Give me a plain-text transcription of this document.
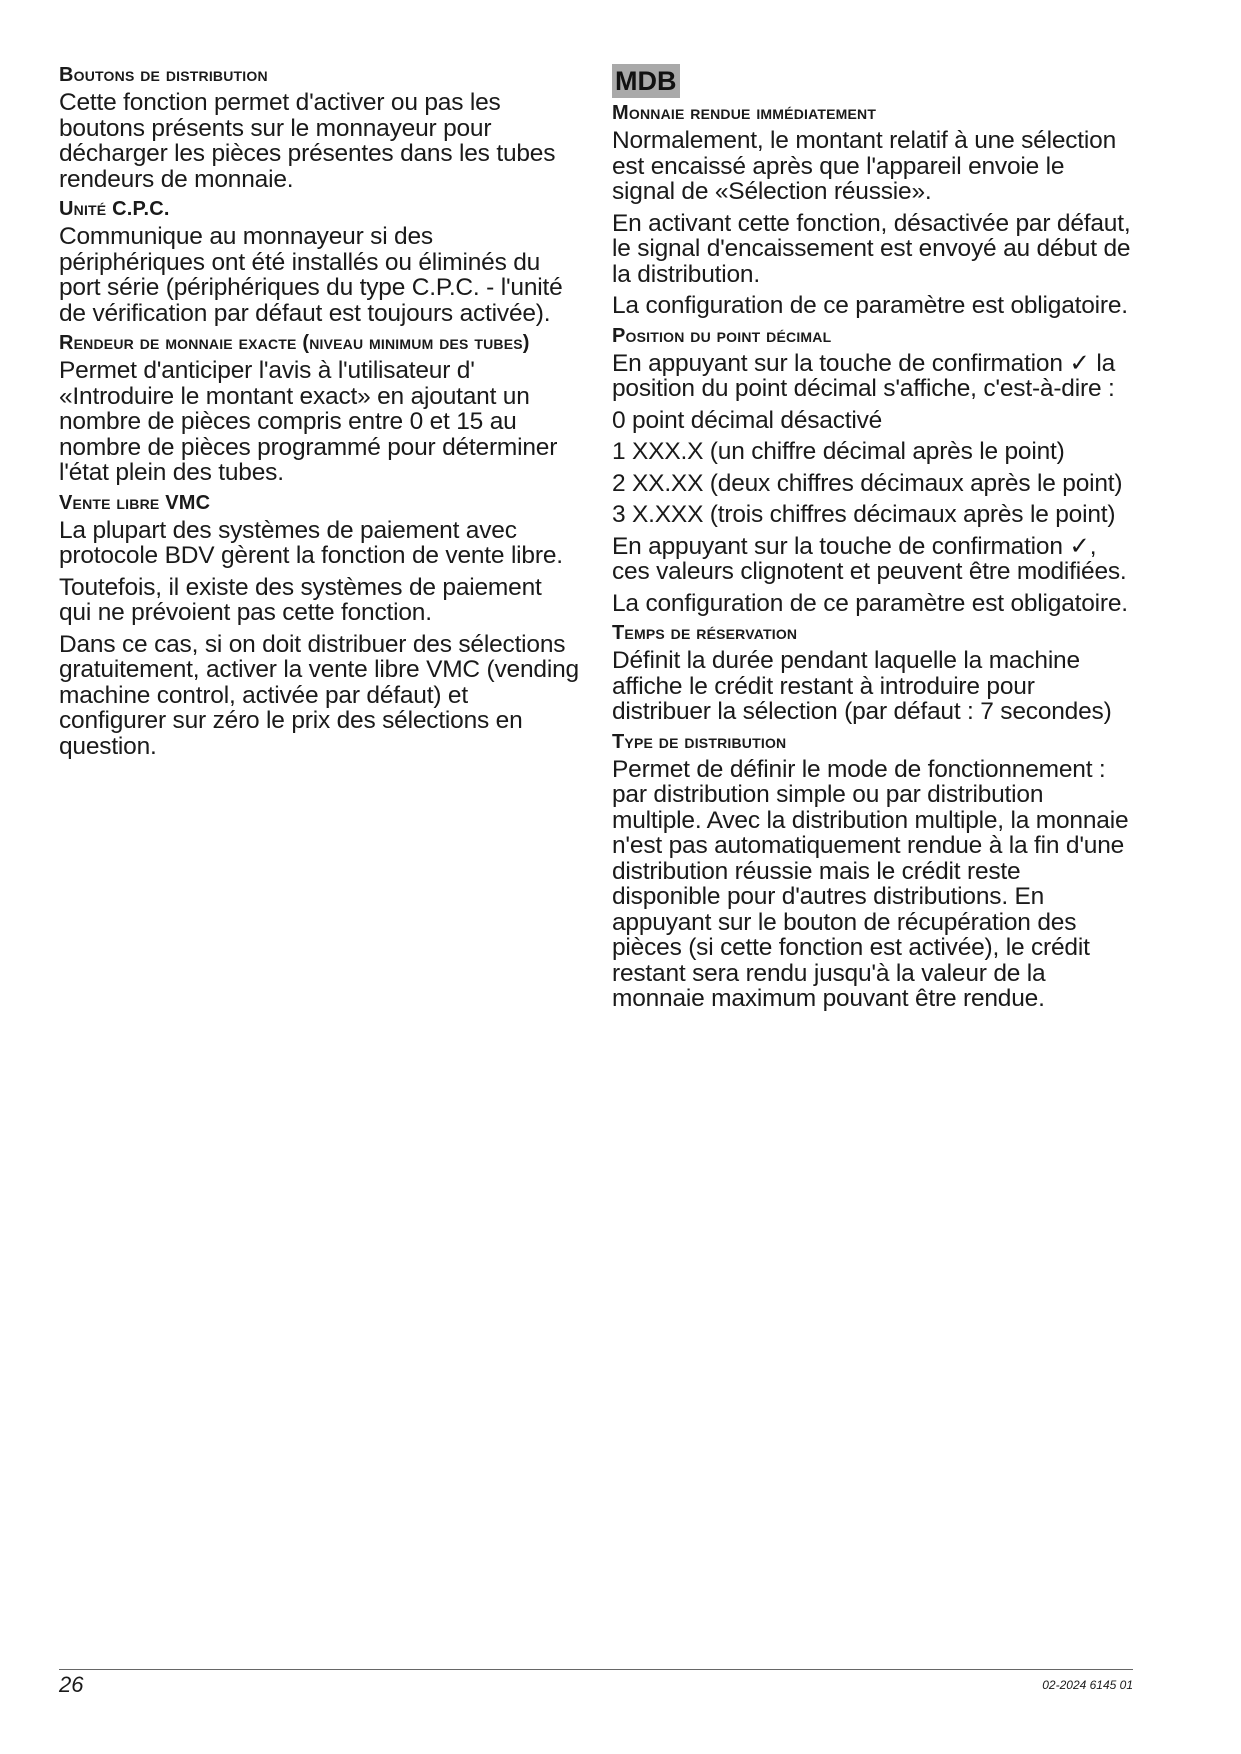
Boutons de distribution

Cette fonction permet d'activer ou pas les boutons présents sur le monnayeur pour décharger les pièces présentes dans les tubes rendeurs de monnaie.

Unité C.P.C.

Communique au monnayeur si des périphériques ont été installés ou éliminés du port série (périphériques du type C.P.C. - l'unité de vérification par défaut est toujours activée).

Rendeur de monnaie exacte (niveau minimum des tubes)

Permet d'anticiper l'avis à l'utilisateur d' «Introduire le montant exact» en ajoutant un nombre de pièces compris entre 0 et 15 au nombre de pièces programmé pour déterminer l'état plein des tubes.

Vente libre VMC

La plupart des systèmes de paiement avec protocole BDV gèrent la fonction de vente libre.

Toutefois, il existe des systèmes de paiement qui ne prévoient pas cette fonction.

Dans ce cas, si on doit distribuer des sélections gratuitement, activer la vente libre VMC (vending machine control, activée par défaut) et configurer sur zéro le prix des sélections en question.

MDB
Monnaie rendue immédiatement

Normalement, le montant relatif à une sélection est encaissé après que l'appareil envoie le signal de «Sélection réussie».

En activant cette fonction, désactivée par défaut, le signal d'encaissement est envoyé au début de la distribution.

La configuration de ce paramètre est obligatoire.

Position du point décimal

En appuyant sur la touche de confirmation ✓ la position du point décimal s'affiche, c'est-à-dire :

0 point décimal désactivé

1 XXX.X (un chiffre décimal après le point)

2 XX.XX (deux chiffres décimaux après le point)

3 X.XXX (trois chiffres décimaux après le point)

En appuyant sur la touche de confirmation ✓, ces valeurs clignotent et peuvent être modifiées.

La configuration de ce paramètre est obligatoire.

Temps de réservation

Définit la durée pendant laquelle la machine affiche le crédit restant à introduire pour distribuer la sélection (par défaut : 7 secondes)

Type de distribution

Permet de définir le mode de fonctionnement : par distribution simple ou par distribution multiple. Avec la distribution multiple, la monnaie n'est pas automatiquement rendue à la fin d'une distribution réussie mais le crédit reste disponible pour d'autres distributions. En appuyant sur le bouton de récupération des pièces (si cette fonction est activée), le crédit restant sera rendu jusqu'à la valeur de la monnaie maximum pouvant être rendue.

26	02-2024 6145 01
